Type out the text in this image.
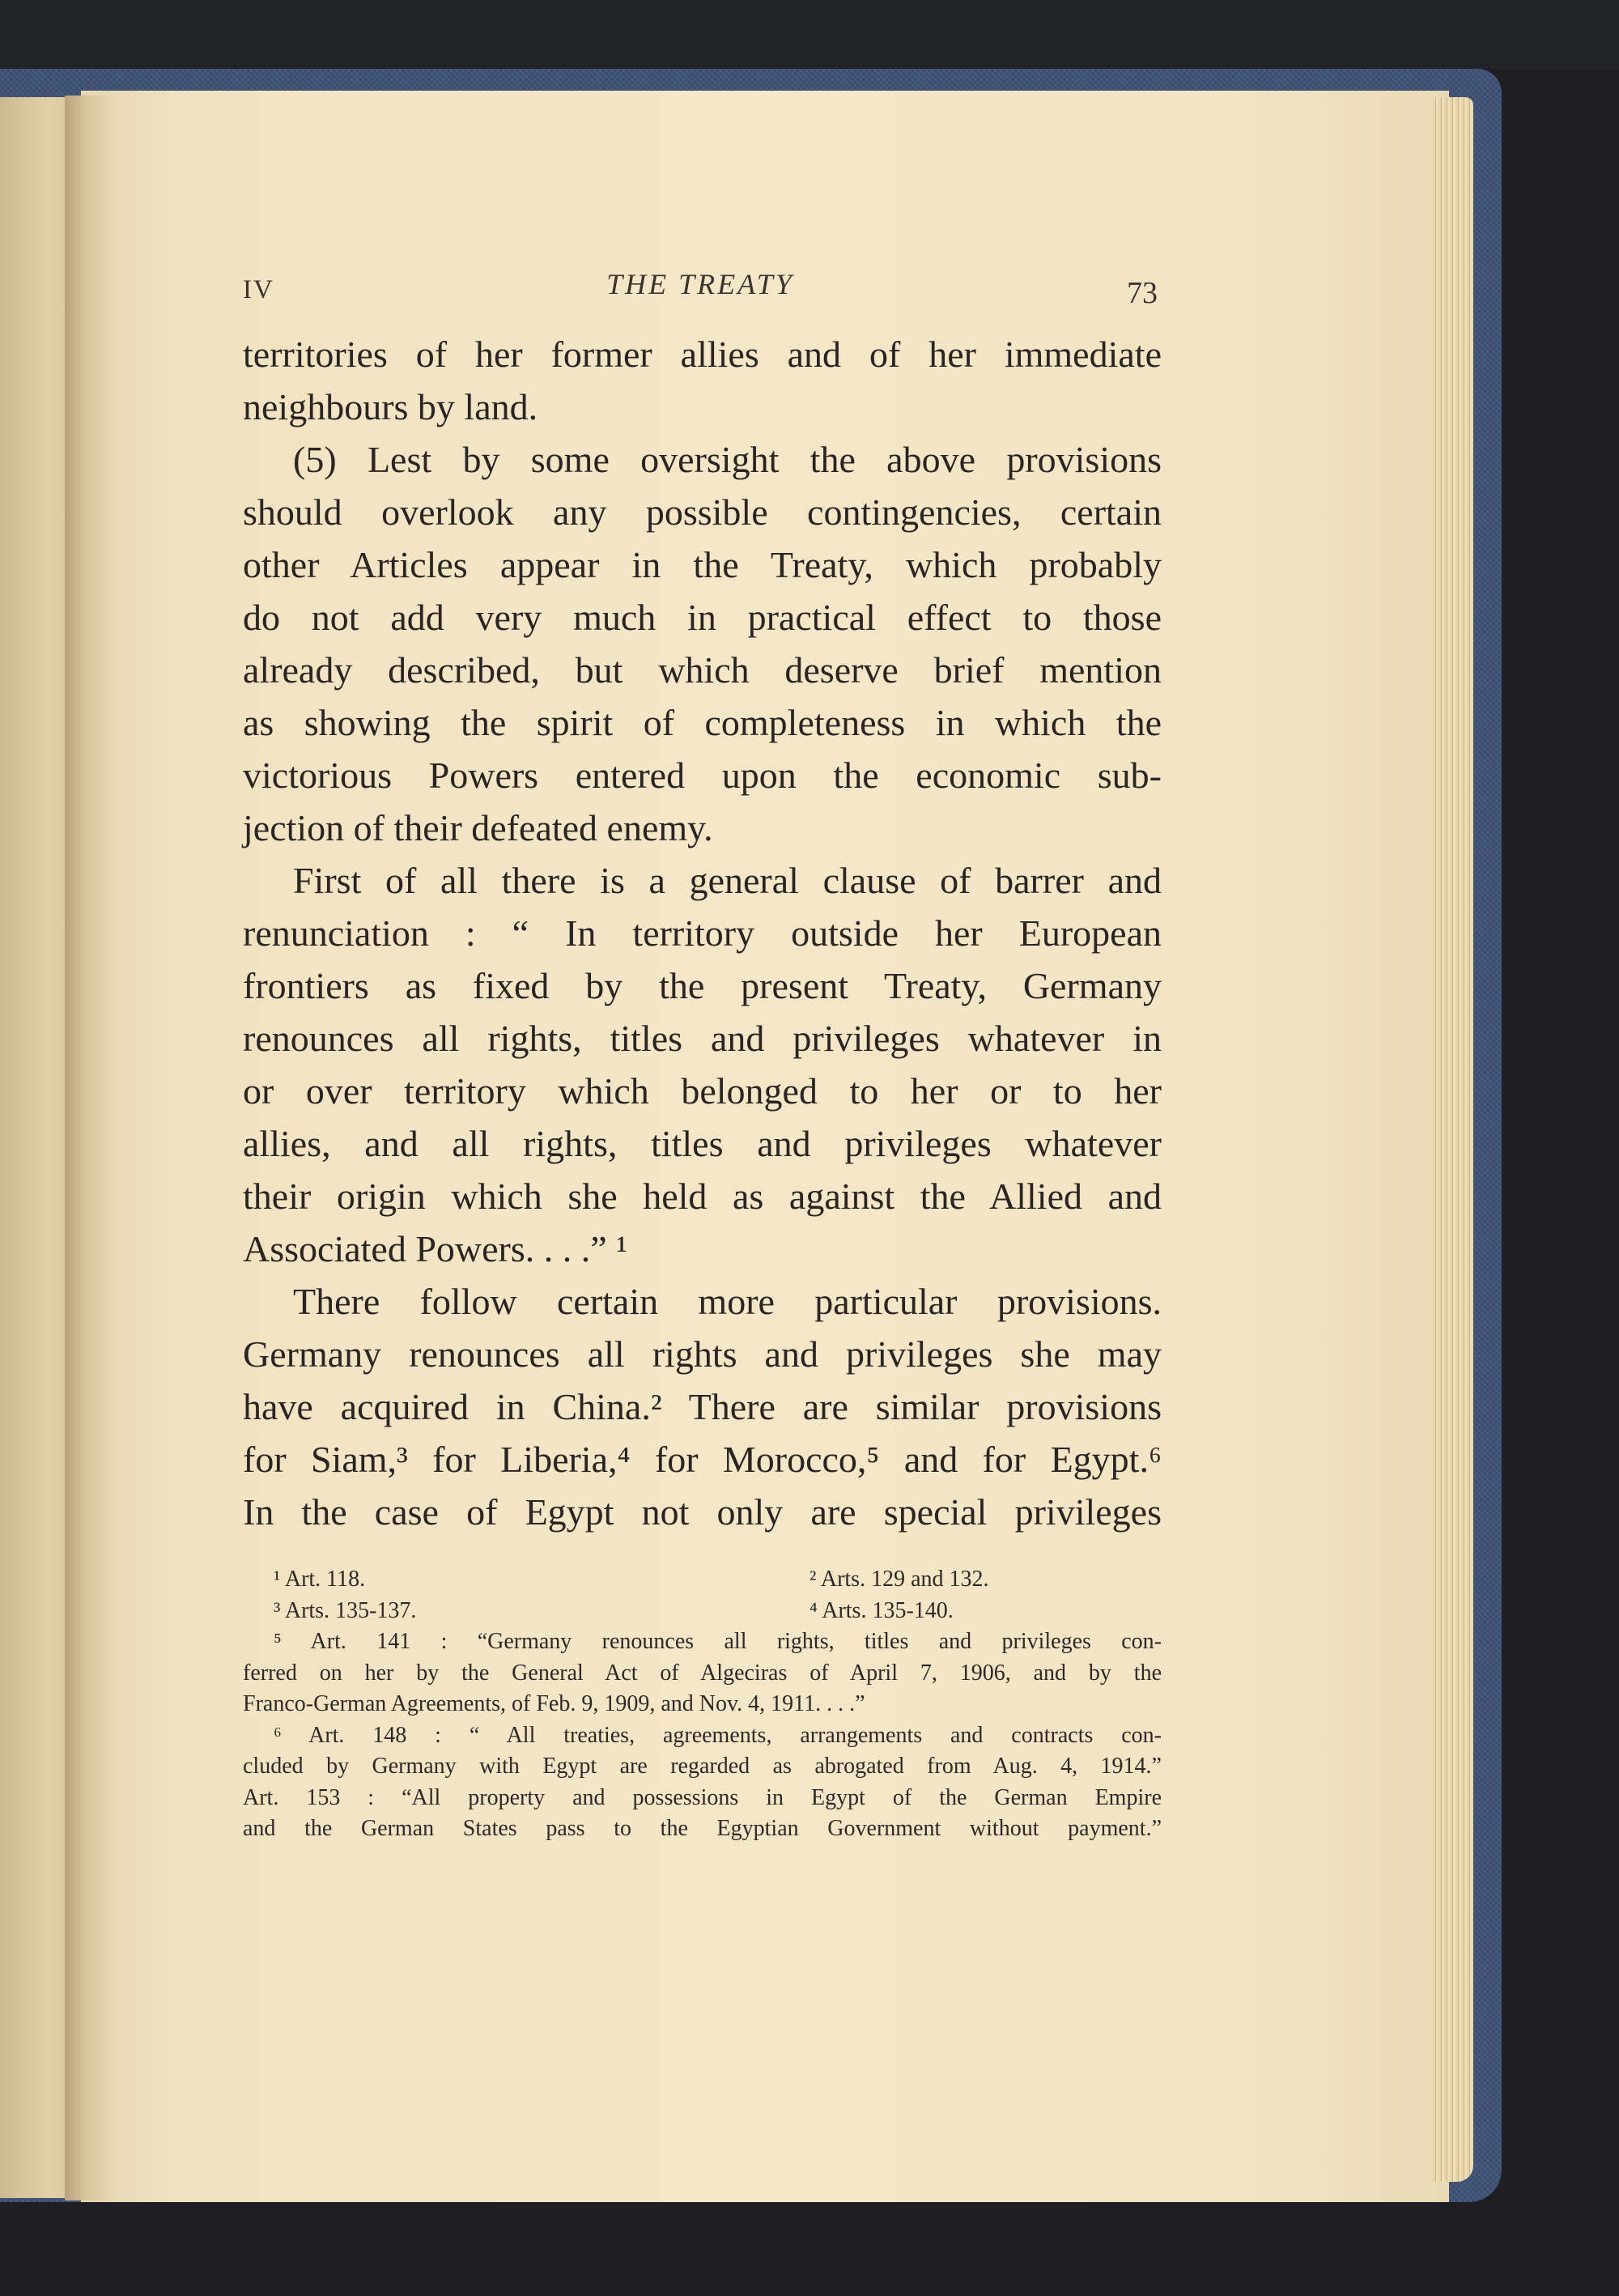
IV	THE TREATY	73
territories of her former allies and of her immediate
neighbours by land.
(5) Lest by some oversight the above provisions
should overlook any possible contingencies, certain
other Articles appear in the Treaty, which probably
do not add very much in practical effect to those
already described, but which deserve brief mention
as showing the spirit of completeness in which the
victorious Powers entered upon the economic sub-
jection of their defeated enemy.
First of all there is a general clause of barrer and
renunciation : “ In territory outside her European
frontiers as fixed by the present Treaty, Germany
renounces all rights, titles and privileges whatever in
or over territory which belonged to her or to her
allies, and all rights, titles and privileges whatever
their origin which she held as against the Allied and
Associated Powers. . . .” ¹
There follow certain more particular provisions.
Germany renounces all rights and privileges she may
have acquired in China.² There are similar provisions
for Siam,³ for Liberia,⁴ for Morocco,⁵ and for Egypt.⁶
In the case of Egypt not only are special privileges
¹ Art. 118.	² Arts. 129 and 132.
³ Arts. 135-137.	⁴ Arts. 135-140.
⁵ Art. 141 : “Germany renounces all rights, titles and privileges con-
ferred on her by the General Act of Algeciras of April 7, 1906, and by the
Franco-German Agreements, of Feb. 9, 1909, and Nov. 4, 1911. . . .”
⁶ Art. 148 : “ All treaties, agreements, arrangements and contracts con-
cluded by Germany with Egypt are regarded as abrogated from Aug. 4, 1914.”
Art. 153 : “All property and possessions in Egypt of the German Empire
and the German States pass to the Egyptian Government without payment.”
